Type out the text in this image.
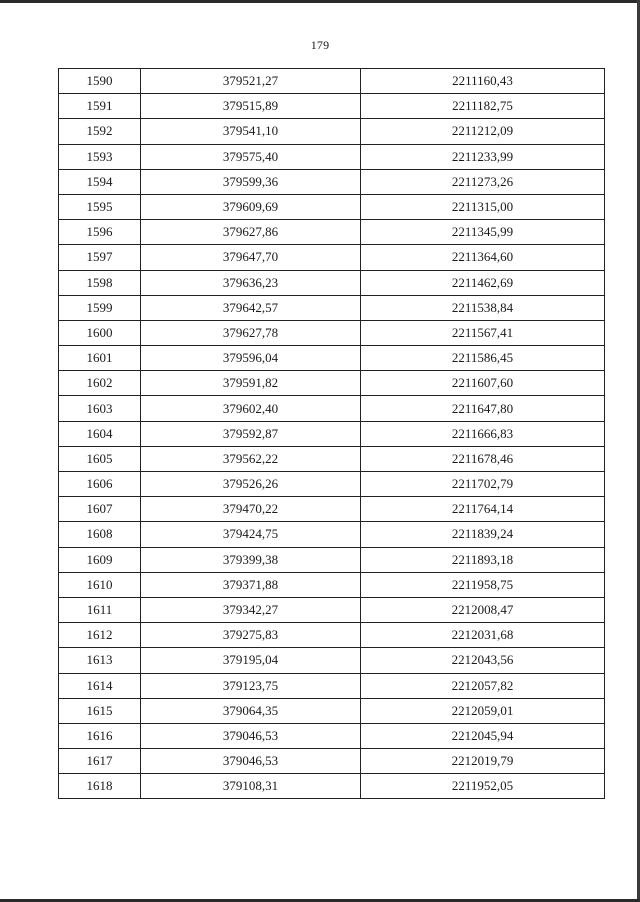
179
1590	379521,27	2211160,43
1591	379515,89	2211182,75
1592	379541,10	2211212,09
1593	379575,40	2211233,99
1594	379599,36	2211273,26
1595	379609,69	2211315,00
1596	379627,86	2211345,99
1597	379647,70	2211364,60
1598	379636,23	2211462,69
1599	379642,57	2211538,84
1600	379627,78	2211567,41
1601	379596,04	2211586,45
1602	379591,82	2211607,60
1603	379602,40	2211647,80
1604	379592,87	2211666,83
1605	379562,22	2211678,46
1606	379526,26	2211702,79
1607	379470,22	2211764,14
1608	379424,75	2211839,24
1609	379399,38	2211893,18
1610	379371,88	2211958,75
1611	379342,27	2212008,47
1612	379275,83	2212031,68
1613	379195,04	2212043,56
1614	379123,75	2212057,82
1615	379064,35	2212059,01
1616	379046,53	2212045,94
1617	379046,53	2212019,79
1618	379108,31	2211952,05
